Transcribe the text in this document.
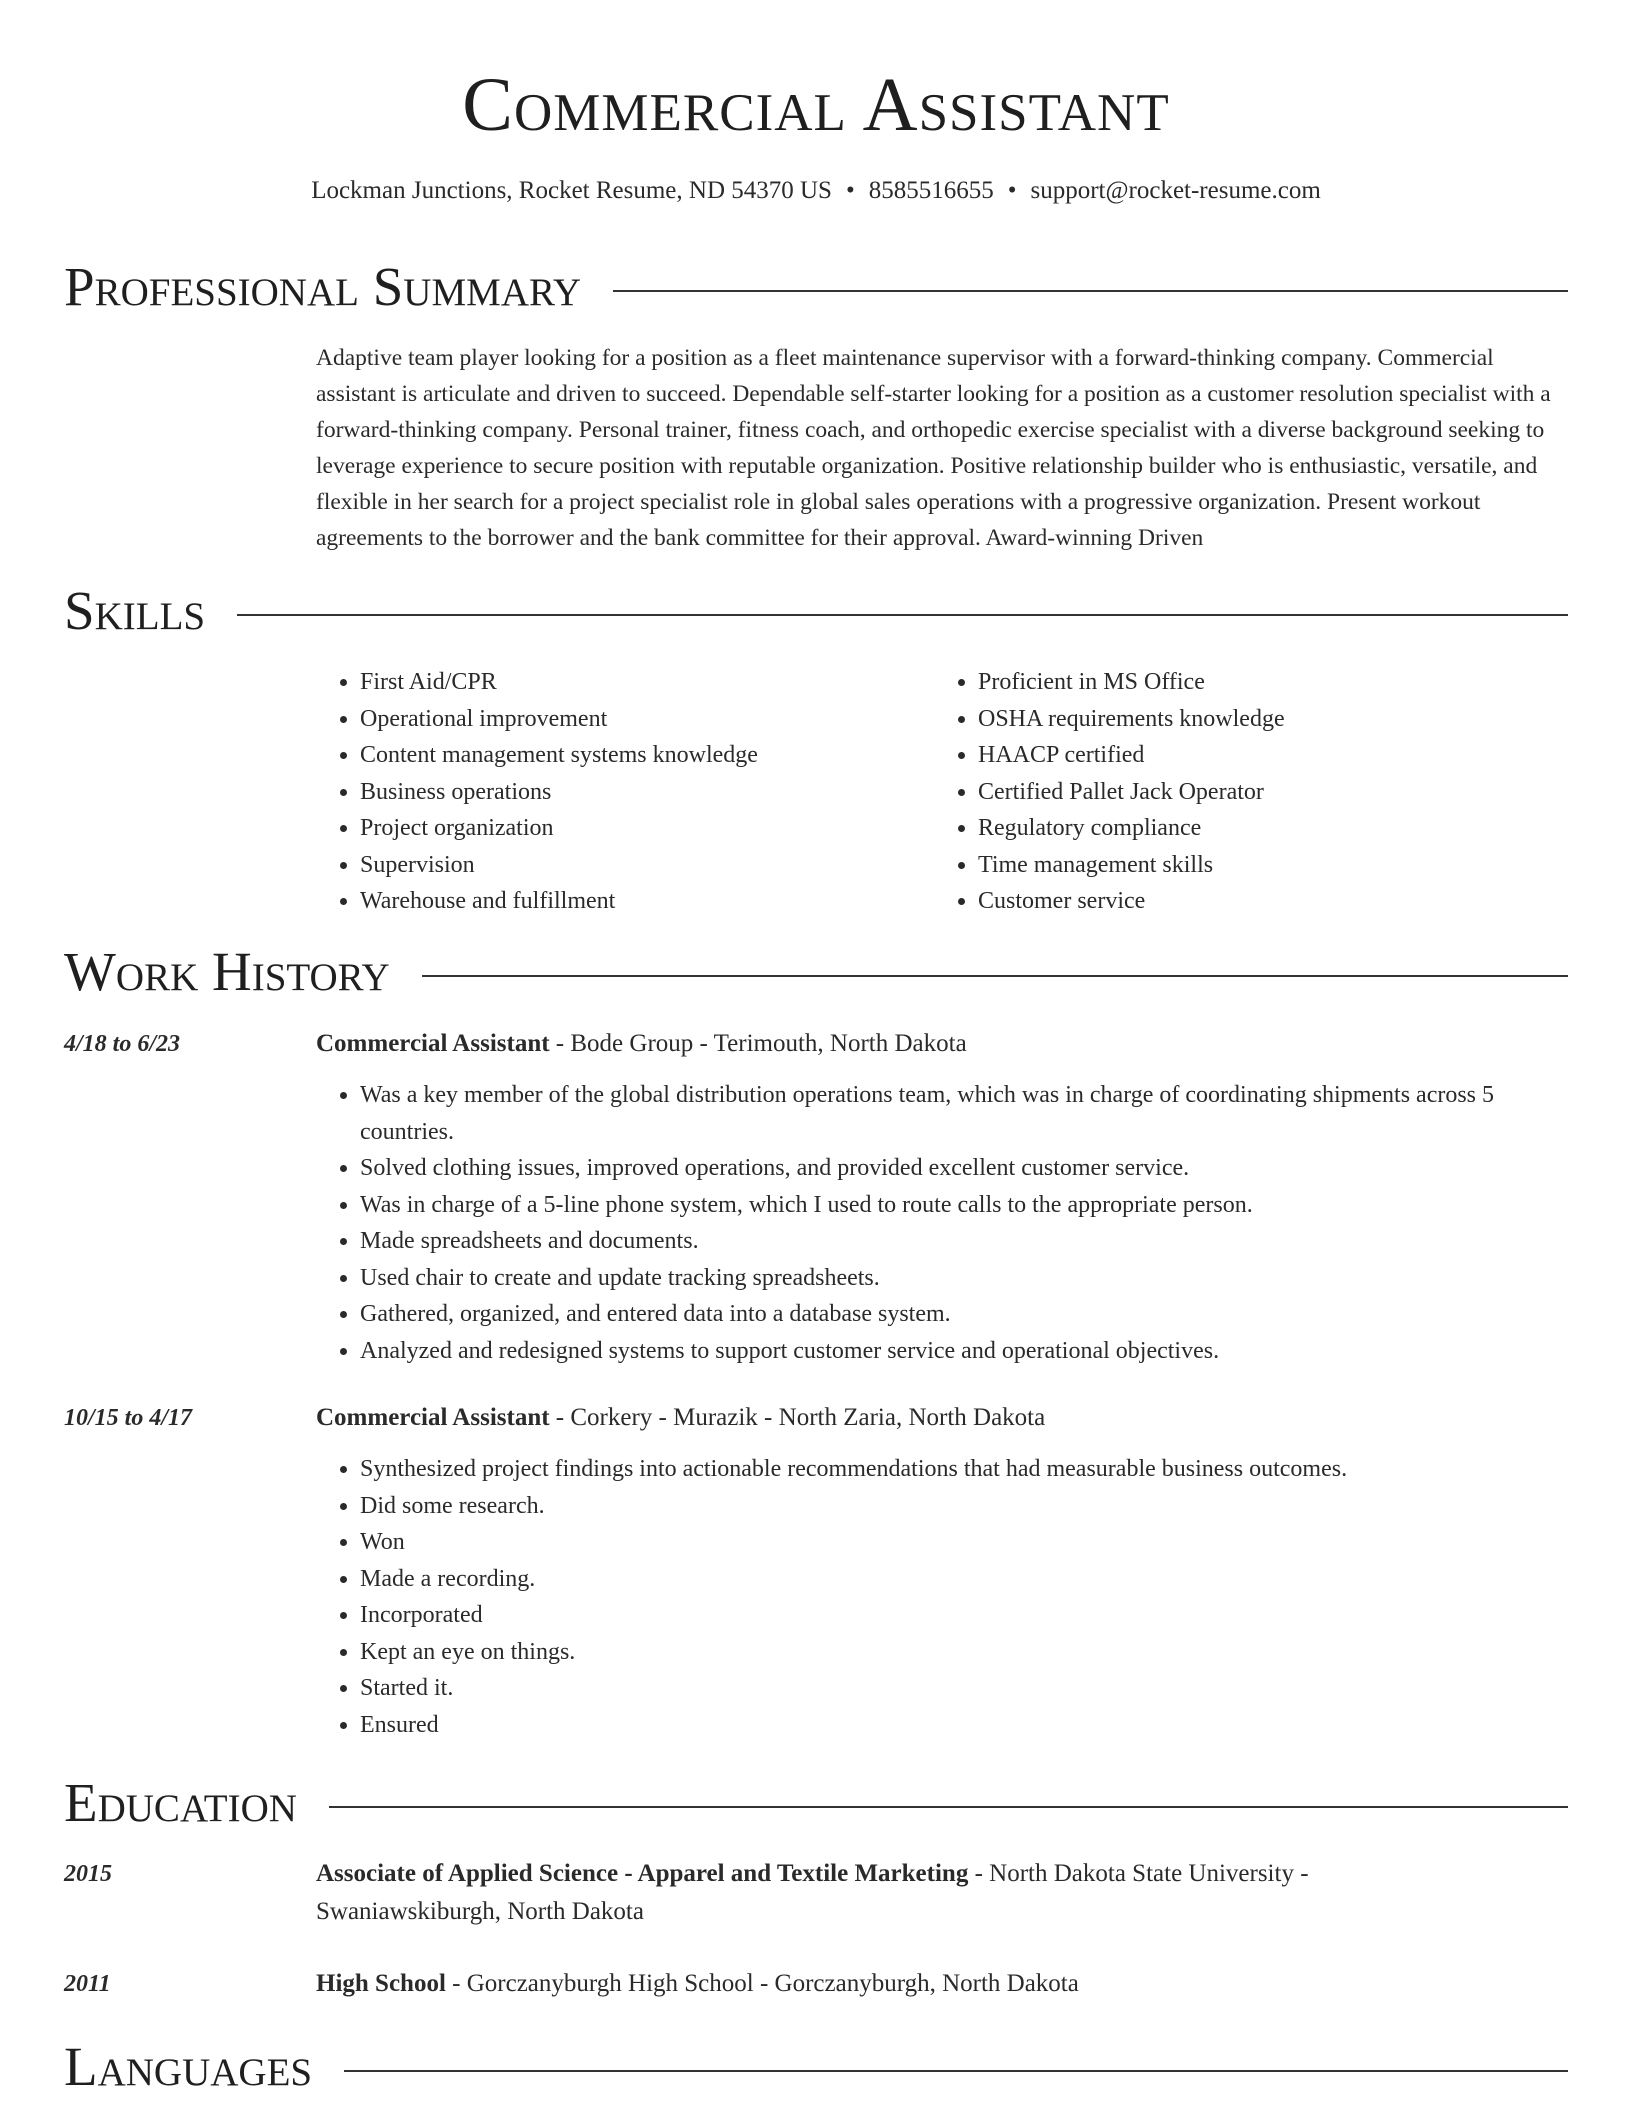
Commercial Assistant
Lockman Junctions, Rocket Resume, ND 54370 US • 8585516655 • support@rocket-resume.com
Professional Summary
Adaptive team player looking for a position as a fleet maintenance supervisor with a forward-thinking company. Commercial assistant is articulate and driven to succeed. Dependable self-starter looking for a position as a customer resolution specialist with a forward-thinking company. Personal trainer, fitness coach, and orthopedic exercise specialist with a diverse background seeking to leverage experience to secure position with reputable organization. Positive relationship builder who is enthusiastic, versatile, and flexible in her search for a project specialist role in global sales operations with a progressive organization. Present workout agreements to the borrower and the bank committee for their approval. Award-winning Driven
Skills
• First Aid/CPR
• Operational improvement
• Content management systems knowledge
• Business operations
• Project organization
• Supervision
• Warehouse and fulfillment
• Proficient in MS Office
• OSHA requirements knowledge
• HAACP certified
• Certified Pallet Jack Operator
• Regulatory compliance
• Time management skills
• Customer service
Work History
4/18 to 6/23	Commercial Assistant - Bode Group - Terimouth, North Dakota
• Was a key member of the global distribution operations team, which was in charge of coordinating shipments across 5 countries.
• Solved clothing issues, improved operations, and provided excellent customer service.
• Was in charge of a 5-line phone system, which I used to route calls to the appropriate person.
• Made spreadsheets and documents.
• Used chair to create and update tracking spreadsheets.
• Gathered, organized, and entered data into a database system.
• Analyzed and redesigned systems to support customer service and operational objectives.
10/15 to 4/17	Commercial Assistant - Corkery - Murazik - North Zaria, North Dakota
• Synthesized project findings into actionable recommendations that had measurable business outcomes.
• Did some research.
• Won
• Made a recording.
• Incorporated
• Kept an eye on things.
• Started it.
• Ensured
Education
2015	Associate of Applied Science - Apparel and Textile Marketing - North Dakota State University - Swaniawskiburgh, North Dakota
2011	High School - Gorczanyburgh High School - Gorczanyburgh, North Dakota
Languages
